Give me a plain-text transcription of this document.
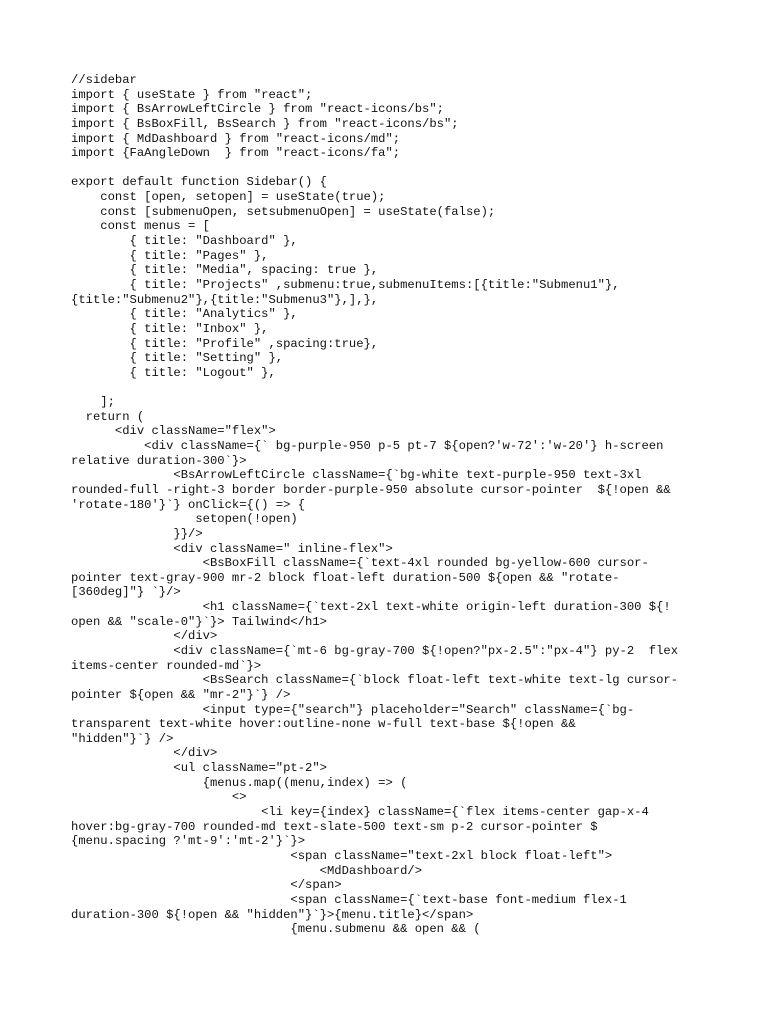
//sidebar
import { useState } from "react";
import { BsArrowLeftCircle } from "react-icons/bs";
import { BsBoxFill, BsSearch } from "react-icons/bs";
import { MdDashboard } from "react-icons/md";
import {FaAngleDown  } from "react-icons/fa";
export default function Sidebar() {
const [open, setopen] = useState(true);
const [submenuOpen, setsubmenuOpen] = useState(false);
const menus = [
{ title: "Dashboard" },
{ title: "Pages" },
{ title: "Media", spacing: true },
{ title: "Projects" ,submenu:true,submenuItems:[{title:"Submenu1"},
{title:"Submenu2"},{title:"Submenu3"},],},
{ title: "Analytics" },
{ title: "Inbox" },
{ title: "Profile" ,spacing:true},
{ title: "Setting" },
{ title: "Logout" },
];
return (
<div className="flex">
<div className={` bg-purple-950 p-5 pt-7 ${open?'w-72':'w-20'} h-screen
relative duration-300`}>
<BsArrowLeftCircle className={`bg-white text-purple-950 text-3xl
rounded-full -right-3 border border-purple-950 absolute cursor-pointer  ${!open &&
'rotate-180'}`} onClick={() => {
setopen(!open)
}}/>
<div className=" inline-flex">
<BsBoxFill className={`text-4xl rounded bg-yellow-600 cursor-
pointer text-gray-900 mr-2 block float-left duration-500 ${open && "rotate-
[360deg]"} `}/>
<h1 className={`text-2xl text-white origin-left duration-300 ${!
open && "scale-0"}`}> Tailwind</h1>
</div>
<div className={`mt-6 bg-gray-700 ${!open?"px-2.5":"px-4"} py-2  flex
items-center rounded-md`}>
<BsSearch className={`block float-left text-white text-lg cursor-
pointer ${open && "mr-2"}`} />
<input type={"search"} placeholder="Search" className={`bg-
transparent text-white hover:outline-none w-full text-base ${!open &&
"hidden"}`} />
</div>
<ul className="pt-2">
{menus.map((menu,index) => (
<>
<li key={index} className={`flex items-center gap-x-4
hover:bg-gray-700 rounded-md text-slate-500 text-sm p-2 cursor-pointer $
{menu.spacing ?'mt-9':'mt-2'}`}>
<span className="text-2xl block float-left">
<MdDashboard/>
</span>
<span className={`text-base font-medium flex-1
duration-300 ${!open && "hidden"}`}>{menu.title}</span>
{menu.submenu && open && (
